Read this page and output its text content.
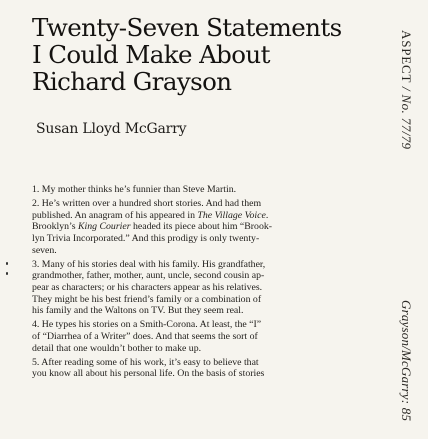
Twenty-Seven Statements
I Could Make About
Richard Grayson
Susan Lloyd McGarry

1. My mother thinks he’s funnier than Steve Martin.

2. He’s written over a hundred short stories. And had them
published. An anagram of his appeared in The Village Voice.
Brooklyn’s King Courier headed its piece about him “Brook-
lyn Trivia Incorporated.” And this prodigy is only twenty-
seven.

3. Many of his stories deal with his family. His grandfather,
grandmother, father, mother, aunt, uncle, second cousin ap-
pear as characters; or his characters appear as his relatives.
They might be his best friend’s family or a combination of
his family and the Waltons on TV. But they seem real.

4. He types his stories on a Smith-Corona. At least, the “I”
of “Diarrhea of a Writer” does. And that seems the sort of
detail that one wouldn’t bother to make up.

5. After reading some of his work, it’s easy to believe that
you know all about his personal life. On the basis of stories

ASPECT / No. 77/79
Grayson/McGarry: 85
